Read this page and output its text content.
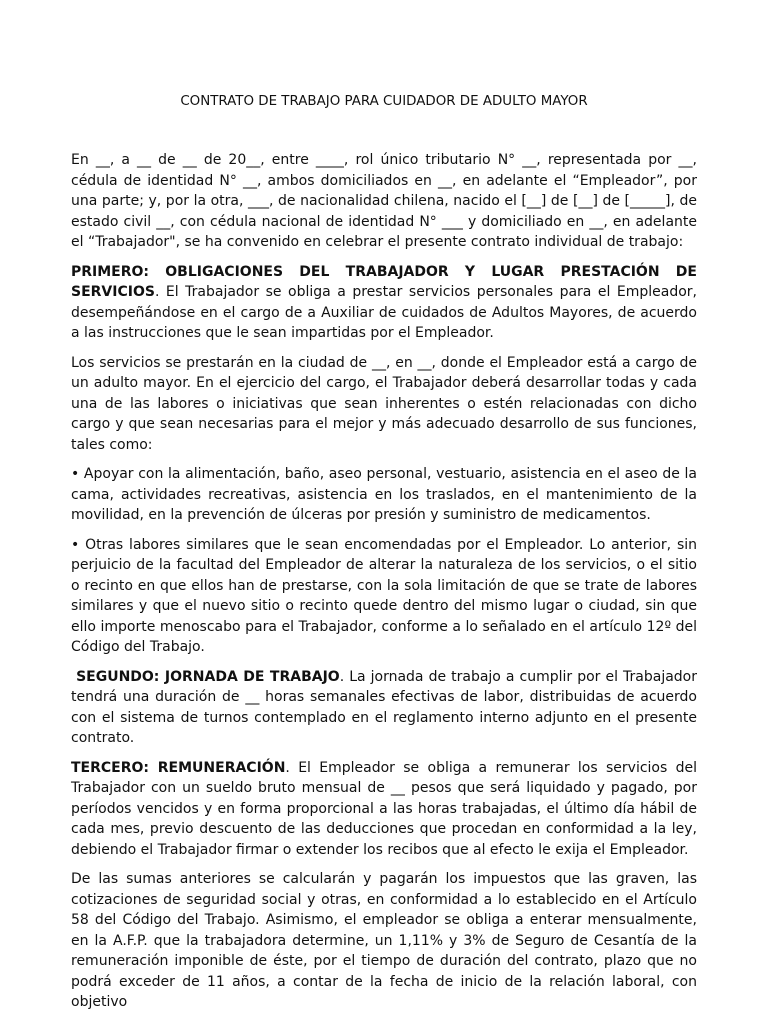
CONTRATO DE TRABAJO PARA CUIDADOR DE ADULTO MAYOR

En __, a __ de __ de 20__, entre ____, rol único tributario N° __, representada por __, cédula de identidad N° __, ambos domiciliados en __, en adelante el “Empleador”, por una parte; y, por la otra, ___, de nacionalidad chilena, nacido el [__] de [__] de [_____], de estado civil __, con cédula nacional de identidad N° ___ y domiciliado en __, en adelante el “Trabajador", se ha convenido en celebrar el presente contrato individual de trabajo:

PRIMERO: OBLIGACIONES DEL TRABAJADOR Y LUGAR PRESTACIÓN DE SERVICIOS. El Trabajador se obliga a prestar servicios personales para el Empleador, desempeñándose en el cargo de a Auxiliar de cuidados de Adultos Mayores, de acuerdo a las instrucciones que le sean impartidas por el Empleador.

Los servicios se prestarán en la ciudad de __, en __, donde el Empleador está a cargo de un adulto mayor. En el ejercicio del cargo, el Trabajador deberá desarrollar todas y cada una de las labores o iniciativas que sean inherentes o estén relacionadas con dicho cargo y que sean necesarias para el mejor y más adecuado desarrollo de sus funciones, tales como:

• Apoyar con la alimentación, baño, aseo personal, vestuario, asistencia en el aseo de la cama, actividades recreativas, asistencia en los traslados, en el mantenimiento de la movilidad, en la prevención de úlceras por presión y suministro de medicamentos.

• Otras labores similares que le sean encomendadas por el Empleador. Lo anterior, sin perjuicio de la facultad del Empleador de alterar la naturaleza de los servicios, o el sitio o recinto en que ellos han de prestarse, con la sola limitación de que se trate de labores similares y que el nuevo sitio o recinto quede dentro del mismo lugar o ciudad, sin que ello importe menoscabo para el Trabajador, conforme a lo señalado en el artículo 12º del Código del Trabajo.

SEGUNDO: JORNADA DE TRABAJO. La jornada de trabajo a cumplir por el Trabajador tendrá una duración de __ horas semanales efectivas de labor, distribuidas de acuerdo con el sistema de turnos contemplado en el reglamento interno adjunto en el presente contrato.

TERCERO: REMUNERACIÓN. El Empleador se obliga a remunerar los servicios del Trabajador con un sueldo bruto mensual de __ pesos que será liquidado y pagado, por períodos vencidos y en forma proporcional a las horas trabajadas, el último día hábil de cada mes, previo descuento de las deducciones que procedan en conformidad a la ley, debiendo el Trabajador firmar o extender los recibos que al efecto le exija el Empleador.

De las sumas anteriores se calcularán y pagarán los impuestos que las graven, las cotizaciones de seguridad social y otras, en conformidad a lo establecido en el Artículo 58 del Código del Trabajo. Asimismo, el empleador se obliga a enterar mensualmente, en la A.F.P. que la trabajadora determine, un 1,11% y 3% de Seguro de Cesantía de la remuneración imponible de éste, por el tiempo de duración del contrato, plazo que no podrá exceder de 11 años, a contar de la fecha de inicio de la relación laboral, con objetivo
